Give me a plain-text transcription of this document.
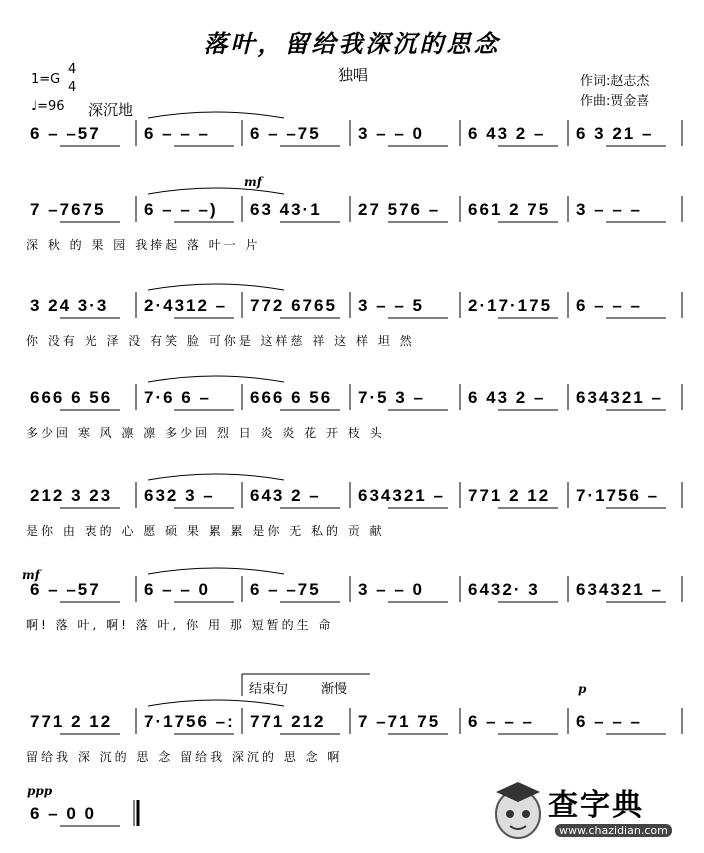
落叶，留给我深沉的思念
1=G
4
4
♩=96 深沉地
独唱	作词:赵志杰
作曲:贾金喜
mf
mf
p
ppp
结束句	渐慢
6 – –57	6 – – – 6 – –75 3 – – 0	6 43 2 – 6 3 21 –
7 –7675 6 – – –) 63 43·1 27 576 – 661 2 75 3 – – –
深 秋 的 果 园 我捧起 落 叶一 片
3 24 3·3 2·4312 – 772 6765 3 – – 5	2·17·175 6 – – –
你 没有 光 泽 没 有笑 脸 可你是 这样慈 祥 这 样 坦 然
666 6 56 7·6 6 – 666 6 56 7·5 3 –	6 43 2 – 634321 –
多少回 寒 风 凛 凛 多少回 烈 日 炎 炎 花 开 枝 头
212 3 23 632 3 – 643 2 – 634321 – 771 2 12 7·1756 –
是你 由 衷的 心 愿 硕 果 累 累 是你 无 私的 贡 献
6 – –57	6 – – 0 6 – –75 3 – – 0	6432· 3 634321 –
啊! 落 叶, 啊! 落 叶, 你 用 那 短暂的生 命
771 2 12 7·1756 –: 771 212 7 –71 75 6 – – – 6 – – –
留给我 深 沉的 思 念 留给我 深沉的 思 念 啊
6 – 0 0	查字典
www.chazidian.com
